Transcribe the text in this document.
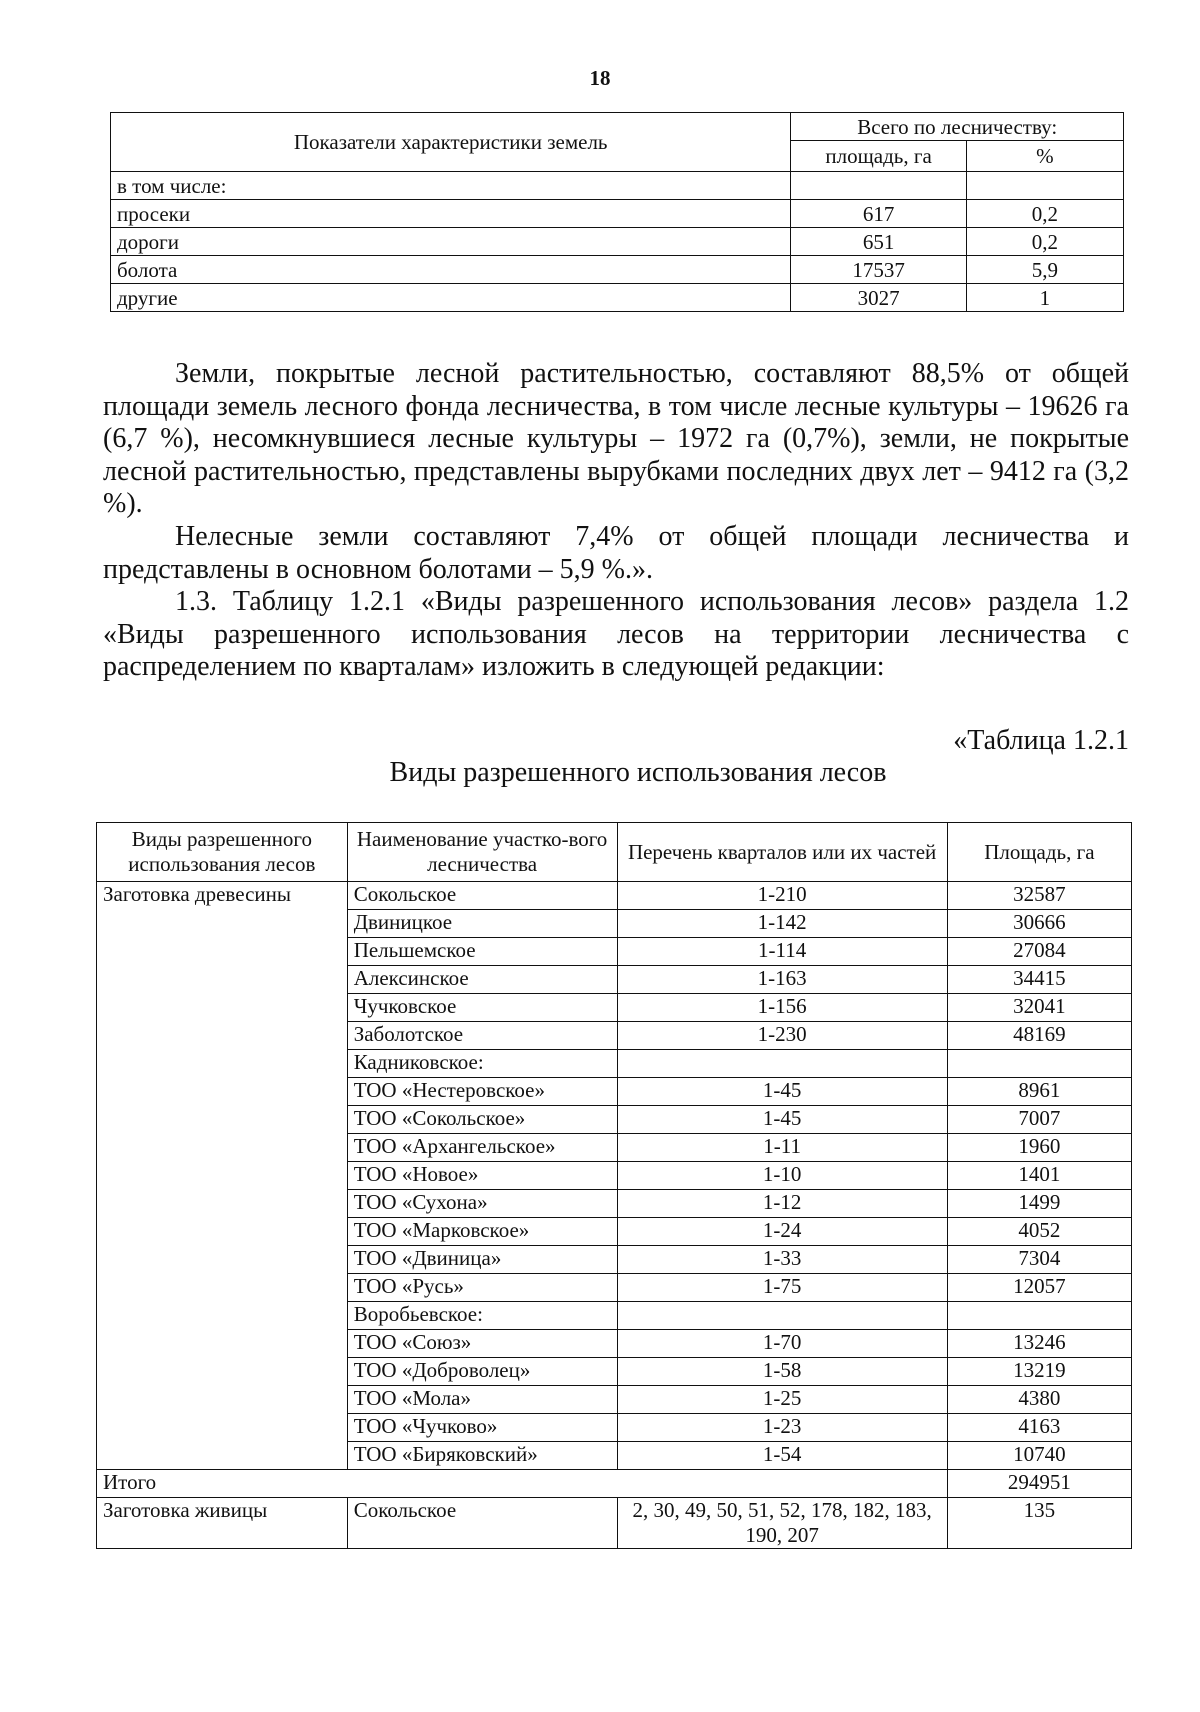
18
Показатели характеристики земель	Всего по лесничеству:	
	площадь, га	%
в том числе:		
просеки	617	0,2
дороги	651	0,2
болота	17537	5,9
другие	3027	1

Земли, покрытые лесной растительностью, составляют 88,5% от общей площади земель лесного фонда лесничества, в том числе лесные культуры – 19626 га (6,7 %), несомкнувшиеся лесные культуры – 1972 га (0,7%), земли, не покрытые лесной растительностью, представлены вырубками последних двух лет – 9412 га (3,2 %).

Нелесные земли составляют 7,4% от общей площади лесничества и представлены в основном болотами – 5,9 %.».

1.3. Таблицу 1.2.1 «Виды разрешенного использования лесов» раздела 1.2 «Виды разрешенного использования лесов на территории лесничества с распределением по кварталам» изложить в следующей редакции:

«Таблица 1.2.1

Виды разрешенного использования лесов

Виды разрешенного использования лесов	Наименование участко-вого лесничества	Перечень кварталов или их частей	Площадь, га
Заготовка древесины	Сокольское	1-210	32587
	Двиницкое	1-142	30666
	Пельшемское	1-114	27084
	Алексинское	1-163	34415
	Чучковское	1-156	32041
	Заболотское	1-230	48169
	Кадниковское:		
	ТОО «Нестеровское»	1-45	8961
	ТОО «Сокольское»	1-45	7007
	ТОО «Архангельское»	1-11	1960
	ТОО «Новое»	1-10	1401
	ТОО «Сухона»	1-12	1499
	ТОО «Марковское»	1-24	4052
	ТОО «Двиница»	1-33	7304
	ТОО «Русь»	1-75	12057
	Воробьевское:		
	ТОО «Союз»	1-70	13246
	ТОО «Доброволец»	1-58	13219
	ТОО «Мола»	1-25	4380
	ТОО «Чучково»	1-23	4163
	ТОО «Биряковский»	1-54	10740
Итого			294951
Заготовка живицы	Сокольское	2, 30, 49, 50, 51, 52, 178, 182, 183, 190, 207	135
